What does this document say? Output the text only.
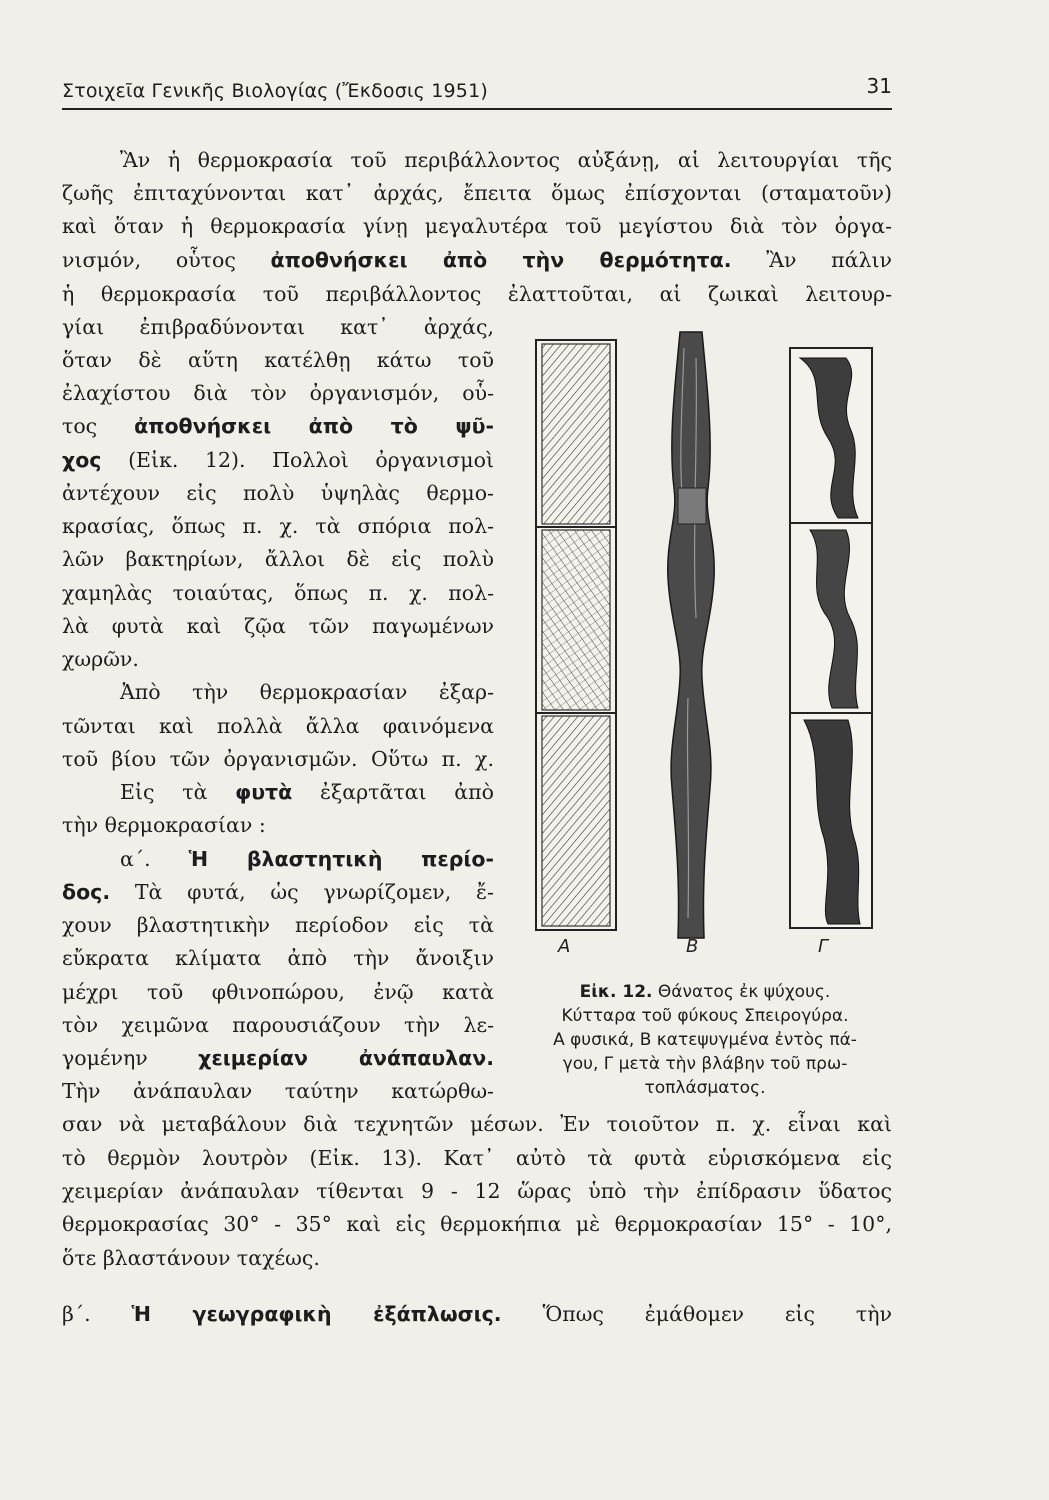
Στοιχεῖα Γενικῆς Βιολογίας (Ἔκδοσις 1951)	31
Ἂν ἡ θερμοκρασία τοῦ περιβάλλοντος αὐξάνῃ, αἱ λειτουργίαι τῆς
ζωῆς ἐπιταχύνονται κατ᾽ ἀρχάς, ἔπειτα ὅμως ἐπίσχονται (σταματοῦν)
καὶ ὅταν ἡ θερμοκρασία γίνῃ μεγαλυτέρα τοῦ μεγίστου διὰ τὸν ὀργα-
νισμόν, οὗτος ἀποθνήσκει ἀπὸ τὴν θερμότητα. Ἂν πάλιν
ἡ θερμοκρασία τοῦ περιβάλλοντος ἐλαττοῦται, αἱ ζωικαὶ λειτουρ-
γίαι ἐπιβραδύνονται κατ᾽ ἀρχάς,
ὅταν δὲ αὕτη κατέλθῃ κάτω τοῦ
ἐλαχίστου διὰ τὸν ὀργανισμόν, οὗ-
τος ἀποθνήσκει ἀπὸ τὸ ψῦ-
χος (Εἰκ. 12). Πολλοὶ ὀργανισμοὶ
ἀντέχουν εἰς πολὺ ὑψηλὰς θερμο-
κρασίας, ὅπως π. χ. τὰ σπόρια πολ-
λῶν βακτηρίων, ἄλλοι δὲ εἰς πολὺ
χαμηλὰς τοιαύτας, ὅπως π. χ. πολ-
λὰ φυτὰ καὶ ζῷα τῶν παγωμένων
χωρῶν.
Ἀπὸ τὴν θερμοκρασίαν ἐξαρ-
τῶνται καὶ πολλὰ ἄλλα φαινόμενα
τοῦ βίου τῶν ὀργανισμῶν. Οὕτω π. χ.
Εἰς τὰ φυτὰ ἐξαρτᾶται ἀπὸ
τὴν θερμοκρασίαν :
α΄. Ἡ βλαστητικὴ περίο-
δος. Τὰ φυτά, ὡς γνωρίζομεν, ἔ-
χουν βλαστητικὴν περίοδον εἰς τὰ
εὔκρατα κλίματα ἀπὸ τὴν ἄνοιξιν
μέχρι τοῦ φθινοπώρου, ἐνῷ κατὰ
τὸν χειμῶνα παρουσιάζουν τὴν λε-
γομένην χειμερίαν ἀνάπαυλαν.
Τὴν ἀνάπαυλαν ταύτην κατώρθω-
σαν νὰ μεταβάλουν διὰ τεχνητῶν μέσων. Ἐν τοιοῦτον π. χ. εἶναι καὶ
τὸ θερμὸν λουτρὸν (Εἰκ. 13). Κατ᾽ αὐτὸ τὰ φυτὰ εὑρισκόμενα εἰς
χειμερίαν ἀνάπαυλαν τίθενται 9 - 12 ὥρας ὑπὸ τὴν ἐπίδρασιν ὕδατος
θερμοκρασίας 30° - 35° καὶ εἰς θερμοκήπια μὲ θερμοκρασίαν 15° - 10°,
ὅτε βλαστάνουν ταχέως.
β΄. Ἡ γεωγραφικὴ ἐξάπλωσις. Ὅπως ἐμάθομεν εἰς τὴν
Α	Β	Γ
Εἰκ. 12. Θάνατος ἐκ ψύχους.
Κύτταρα τοῦ φύκους Σπειρογύρα.
Α φυσικά, Β κατεψυγμένα ἐντὸς πά-
γου, Γ μετὰ τὴν βλάβην τοῦ πρω-
τοπλάσματος.
